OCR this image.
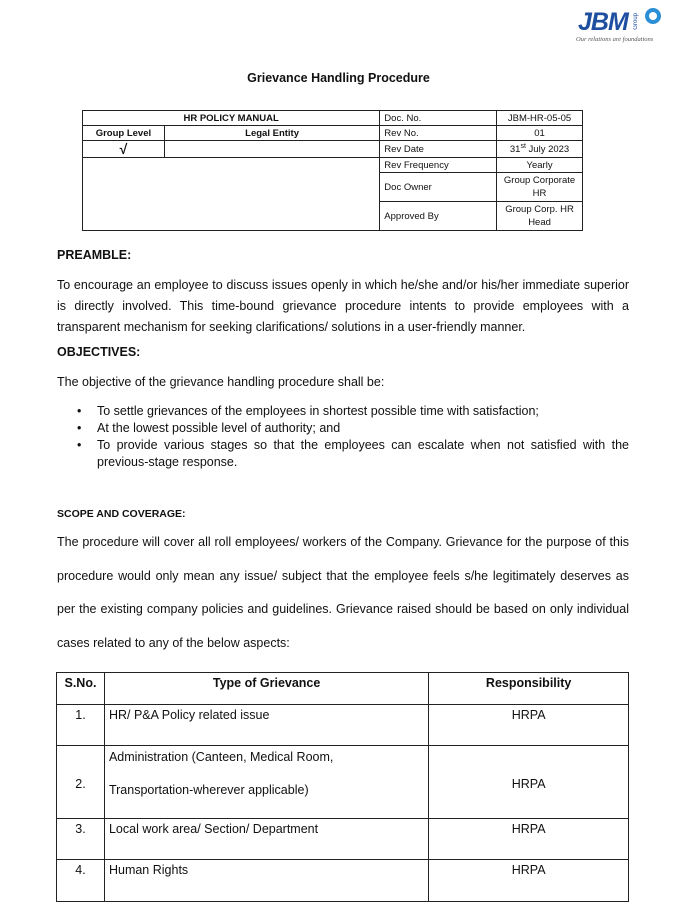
JBM Group
Our relations are foundations
Grievance Handling Procedure
HR POLICY MANUAL		Doc. No.	JBM-HR-05-05
Group Level	Legal Entity	Rev No.	01
√		Rev Date	31st July 2023
		Rev Frequency	Yearly
		Doc Owner	Group Corporate HR
		Approved By	Group Corp. HR Head
PREAMBLE:

To encourage an employee to discuss issues openly in which he/she and/or his/her immediate superior is directly involved. This time-bound grievance procedure intents to provide employees with a transparent mechanism for seeking clarifications/ solutions in a user-friendly manner.

OBJECTIVES:

The objective of the grievance handling procedure shall be:

• To settle grievances of the employees in shortest possible time with satisfaction;
• At the lowest possible level of authority; and
• To provide various stages so that the employees can escalate when not satisfied with the previous-stage response.
SCOPE AND COVERAGE:

The procedure will cover all roll employees/ workers of the Company. Grievance for the purpose of this procedure would only mean any issue/ subject that the employee feels s/he legitimately deserves as per the existing company policies and guidelines. Grievance raised should be based on only individual cases related to any of the below aspects:

S.No.	Type of Grievance	Responsibility
1.	HR/ P&A Policy related issue	HRPA
2.	Administration (Canteen, Medical Room,
Transportation-wherever applicable)	HRPA
3.	Local work area/ Section/ Department	HRPA
4.	Human Rights	HRPA
